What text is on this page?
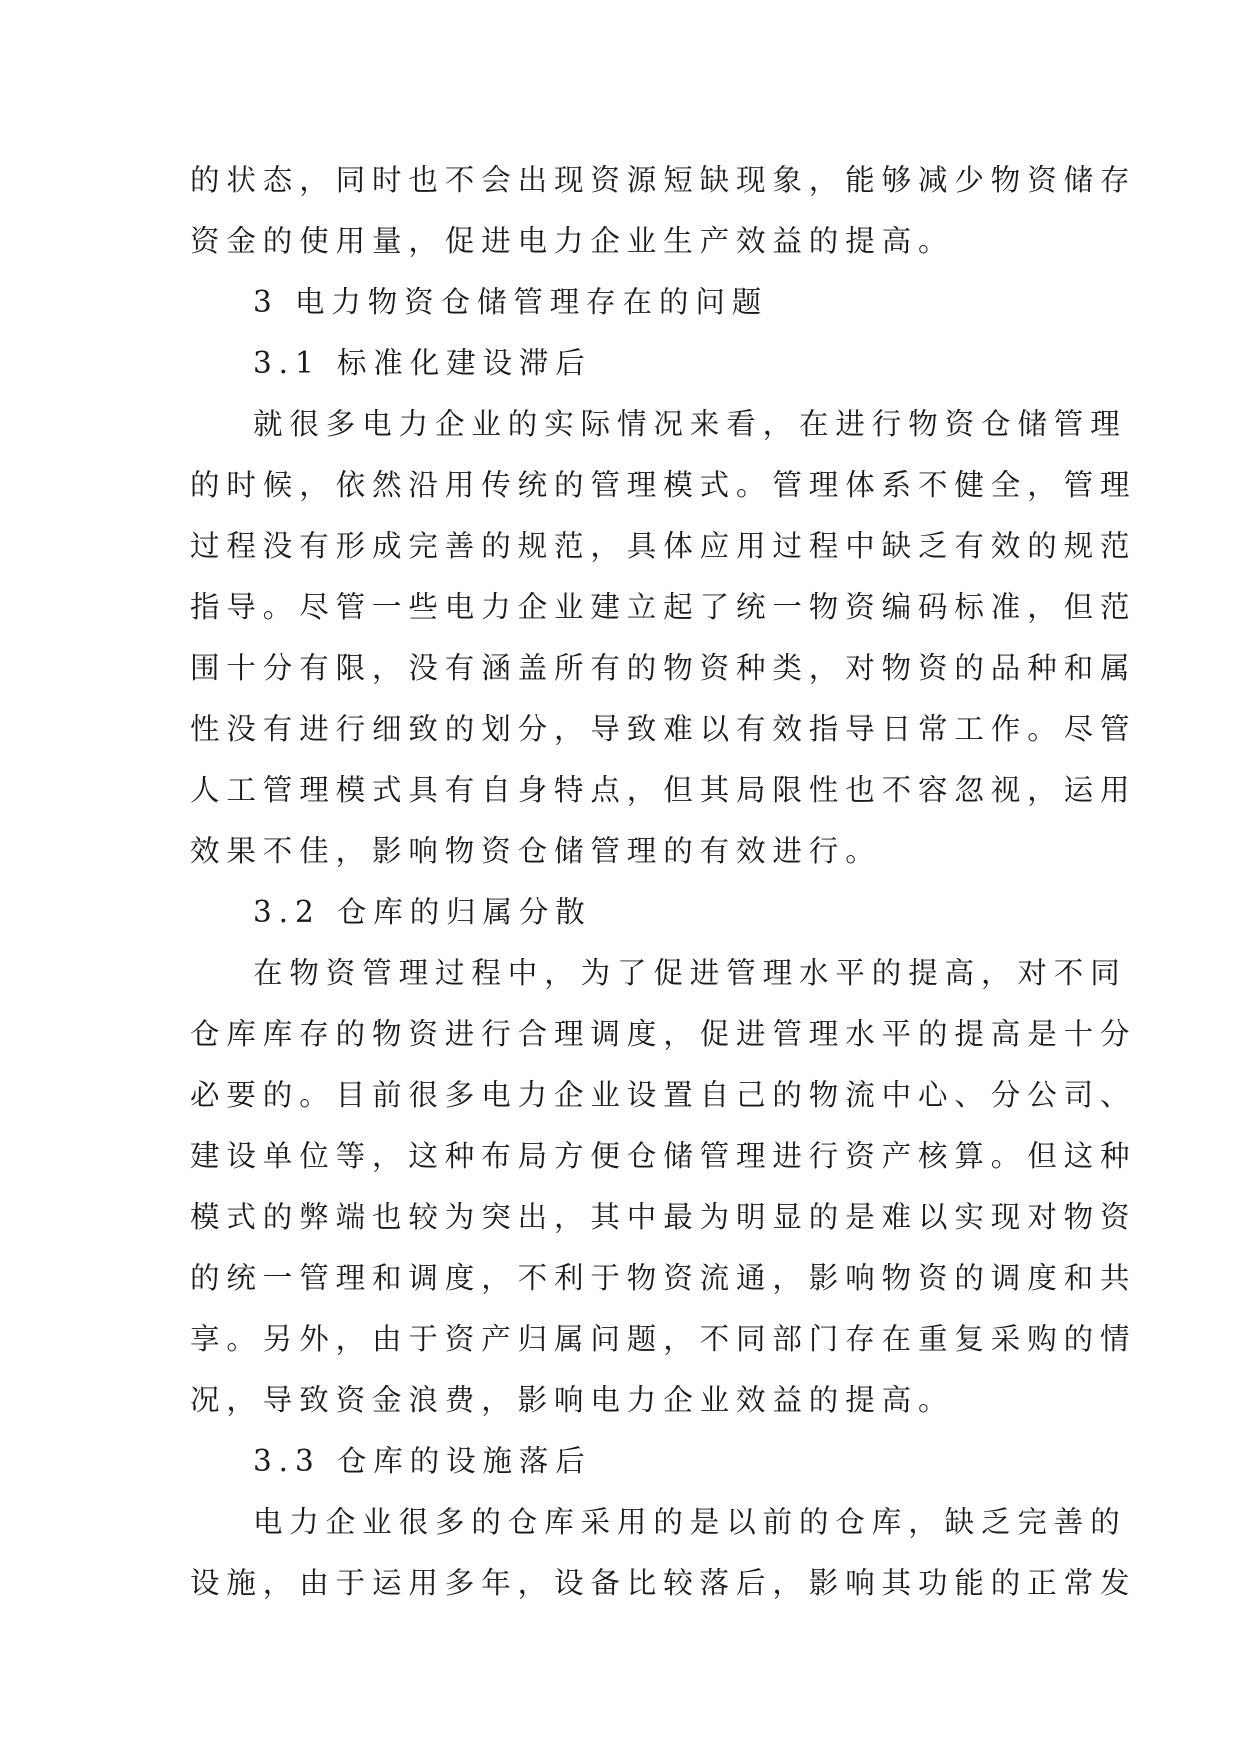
的状态，同时也不会出现资源短缺现象，能够减少物资储存
资金的使用量，促进电力企业生产效益的提高。
3 电力物资仓储管理存在的问题
3.1 标准化建设滞后
就很多电力企业的实际情况来看，在进行物资仓储管理
的时候，依然沿用传统的管理模式。管理体系不健全，管理
过程没有形成完善的规范，具体应用过程中缺乏有效的规范
指导。尽管一些电力企业建立起了统一物资编码标准，但范
围十分有限，没有涵盖所有的物资种类，对物资的品种和属
性没有进行细致的划分，导致难以有效指导日常工作。尽管
人工管理模式具有自身特点，但其局限性也不容忽视，运用
效果不佳，影响物资仓储管理的有效进行。
3.2 仓库的归属分散
在物资管理过程中，为了促进管理水平的提高，对不同
仓库库存的物资进行合理调度，促进管理水平的提高是十分
必要的。目前很多电力企业设置自己的物流中心、分公司、
建设单位等，这种布局方便仓储管理进行资产核算。但这种
模式的弊端也较为突出，其中最为明显的是难以实现对物资
的统一管理和调度，不利于物资流通，影响物资的调度和共
享。另外，由于资产归属问题，不同部门存在重复采购的情
况，导致资金浪费，影响电力企业效益的提高。
3.3 仓库的设施落后
电力企业很多的仓库采用的是以前的仓库，缺乏完善的
设施，由于运用多年，设备比较落后，影响其功能的正常发
